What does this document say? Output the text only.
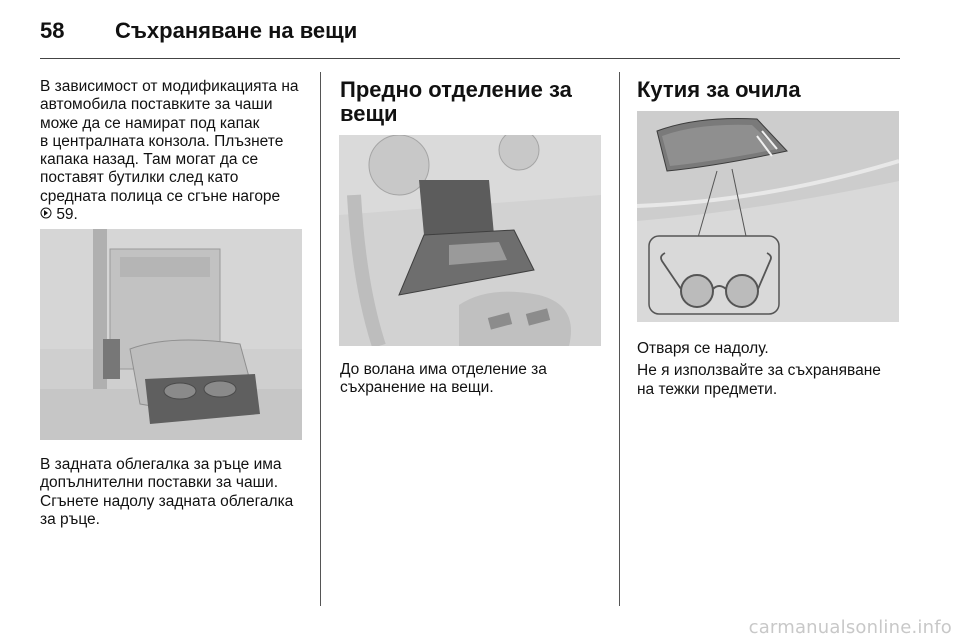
58 Съхраняване на вещи

В зависимост от модификацията на
автомобила поставките за чаши
може да се намират под капак
в централната конзола. Плъзнете
капака назад. Там могат да се
поставят бутилки след като
средната полица се сгъне нагоре
59.

В задната облегалка за ръце има
допълнителни поставки за чаши.
Сгънете надолу задната облегалка
за ръце.

Предно отделение за
вещи

До волана има отделение за
съхранение на вещи.

Кутия за очила

Отваря се надолу.

Не я използвайте за съхраняване
на тежки предмети.

carmanualsonline.info
